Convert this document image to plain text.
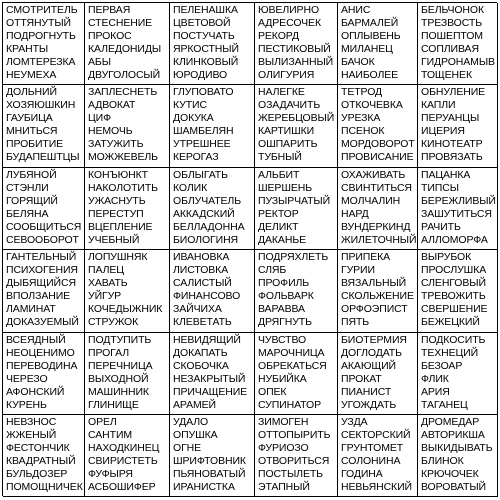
СМОТРИТЕЛЬ
ОТТЯНУТЫЙ
ПОДРОГНУТЬ
КРАНТЫ
ЛОМТЕРЕЗКА
НЕУМЕХА
ПЕРВАЯ
СТЕСНЕНИЕ
ПРОКОС
КАЛЕДОНИДЫ
АБЫ
ДВУГОЛОСЫЙ
ПЕЛЕНАШКА
ЦВЕТОВОЙ
ПОСТУЧАТЬ
ЯРКОСТНЫЙ
КЛИНКОВЫЙ
ЮРОДИВО
ЮВЕЛИРНО
АДРЕСОЧЕК
РЕКОРД
ПЕСТИКОВЫЙ
ВЫЛИЗАННЫЙ
ОЛИГУРИЯ
АНИС
БАРМАЛЕЙ
ОПЛЫВЕНЬ
МИЛАНЕЦ
БАЧОК
НАИБОЛЕЕ
БЕЛЬЧОНОК
ТРЕЗВОСТЬ
ПОШЕПТОМ
СОПЛИВАЯ
ГИДРОНАМЫВ
ТОЩЕНЕК
ДОЛЬНИЙ
ХОЗЯЮШКИН
ГАУБИЦА
МНИТЬСЯ
ПРОБИТИЕ
БУДАПЕШТЦЫ
ЗАПЛЕСНЕТЬ
АДВОКАТ
ЦИФ
НЕМОЧЬ
ЗАТУЖИТЬ
МОЖЖЕВЕЛЬ
ГЛУПОВАТО
КУТИС
ДОКУКА
ШАМБЕЛЯН
УТРЕШНЕЕ
КЕРОГАЗ
НАЛЕГКЕ
ОЗАДАЧИТЬ
ЖЕРЕБЦОВЫЙ
КАРТИШКИ
ОШПАРИТЬ
ТУБНЫЙ
ТЕТРОД
ОТКОЧЕВКА
УРЕЗКА
ПСЕНОК
МОРДОВОРОТ
ПРОВИСАНИЕ
ОБНУЛЕНИЕ
КАПЛИ
ПЕРУАНЦЫ
ИЦЕРИЯ
КИНОТЕАТР
ПРОВЯЗАТЬ
ЛУБЯНОЙ
СТЭНЛИ
ГОРЯЩИЙ
БЕЛЯНА
СООБЩИТЬСЯ
СЕВООБОРОТ
КОНЪЮНКТ
НАКОЛОТИТЬ
УЖАСНУТЬ
ПЕРЕСТУП
ВЦЕПЛЕНИЕ
УЧЕБНЫЙ
ОБЛЫГАТЬ
КОЛИК
ОБЛУЧАТЕЛЬ
АККАДСКИЙ
БЕЛЛАДОННА
БИОЛОГИНЯ
АЛЬБИТ
ШЕРШЕНЬ
ПУЗЫРЧАТЫЙ
РЕКТОР
ДЕЛИКТ
ДАКАНЬЕ
ОХАЖИВАТЬ
СВИНТИТЬСЯ
МОЛЧАЛИН
НАРД
ВУНДЕРКИНД
ЖИЛЕТОЧНЫЙ
ПАЦАНКА
ТИПСЫ
БЕРЕЖЛИВЫЙ
ЗАШУТИТЬСЯ
РАЧИТЬ
АЛЛОМОРФА
ГАНТЕЛЬНЫЙ
ПСИХОГЕНИЯ
ДЫБЯЩИЙСЯ
ВПОЛЗАНИЕ
ЛАМИНАТ
ДОКАЗУЕМЫЙ
ЛОПУШНЯК
ПАЛЕЦ
ХАВАТЬ
УЙГУР
КОЧЕДЫЖНИК
СТРУЖОК
ИВАНОВКА
ЛИСТОВКА
САЛИСТЫЙ
ФИНАНСОВО
ЗАЙЧИХА
КЛЕВЕТАТЬ
ПОДРЯХЛЕТЬ
СЛЯБ
ПРОФИЛЬ
ФОЛЬВАРК
ВАРАВВА
ДРЯГНУТЬ
ПРИПЕКА
ГУРИИ
ВЯЗАЛЬНЫЙ
СКОЛЬЖЕНИЕ
ОРФОЭПИСТ
ПЯТЬ
ВЫРУБОК
ПРОСЛУШКА
СЛЕНГОВЫЙ
ТРЕВОЖИТЬ
СВЕРШЕНИЕ
БЕЖЕЦКИЙ
ВСЕЯДНЫЙ
НЕОЦЕНИМО
ПЕРЕВОДИНА
ЧЕРЕЗО
АФОНСКИЙ
КУРЕНЬ
ПОДТУПИТЬ
ПРОГАЛ
ПЕРЕЧНИЦА
ВЫХОДНОЙ
МАШИННИК
ГЛИНИЩЕ
НЕВИДЯЩИЙ
ДОКАПАТЬ
СКОБОЧКА
НЕЗАКРЫТЫЙ
ПРИЧАЩЕНИЕ
АРАМЕЙ
ЧУВСТВО
МАРОЧНИЦА
ОБРЕКАТЬСЯ
НУБИЙКА
ОПЕК
СУПИНАТОР
БИОТЕРМИЯ
ДОГЛОДАТЬ
АКАЮЩИЙ
ПРОКАТ
ПИАНИСТ
УГОЖДАТЬ
ПОДКОСИТЬ
ТЕХНЕЦИЙ
БЕЗОАР
ФЛИК
АРИЯ
ТАГАНЕЦ
НЕВЗНОС
ЖЖЕНЫЙ
ФЕСТОНЧИК
КВАДРАТНЫЙ
БУЛЬДОЗЕР
ПОМОЩНИЧЕК
ОРЕЛ
САНТИМ
НАХОДКИНЕЦ
СВИРИСТЕТЬ
ФУФЫРЯ
АСБОШИФЕР
УДАЛО
ОПУШКА
ОГНЕ
ШРИФТОВНИК
ПЬЯНОВАТЫЙ
ИРАНИСТКА
ЗИМОГЕН
ОТТОПЫРИТЬ
ФУРИОЗО
ОТВОРИТЬСЯ
ПОСТЫЛЕТЬ
ЭТАПНЫЙ
УЗДА
СЕКТОРСКИЙ
ГРУНТОМЕТ
СОЛОНИНА
ГОДИНА
НЕВЬЯНСКИЙ
ДРОМЕДАР
АВТОРИКША
ВЫКИДЫВАТЬ
БЛИНОК
КРЮЧОЧЕК
ВОРОВАТЫЙ
